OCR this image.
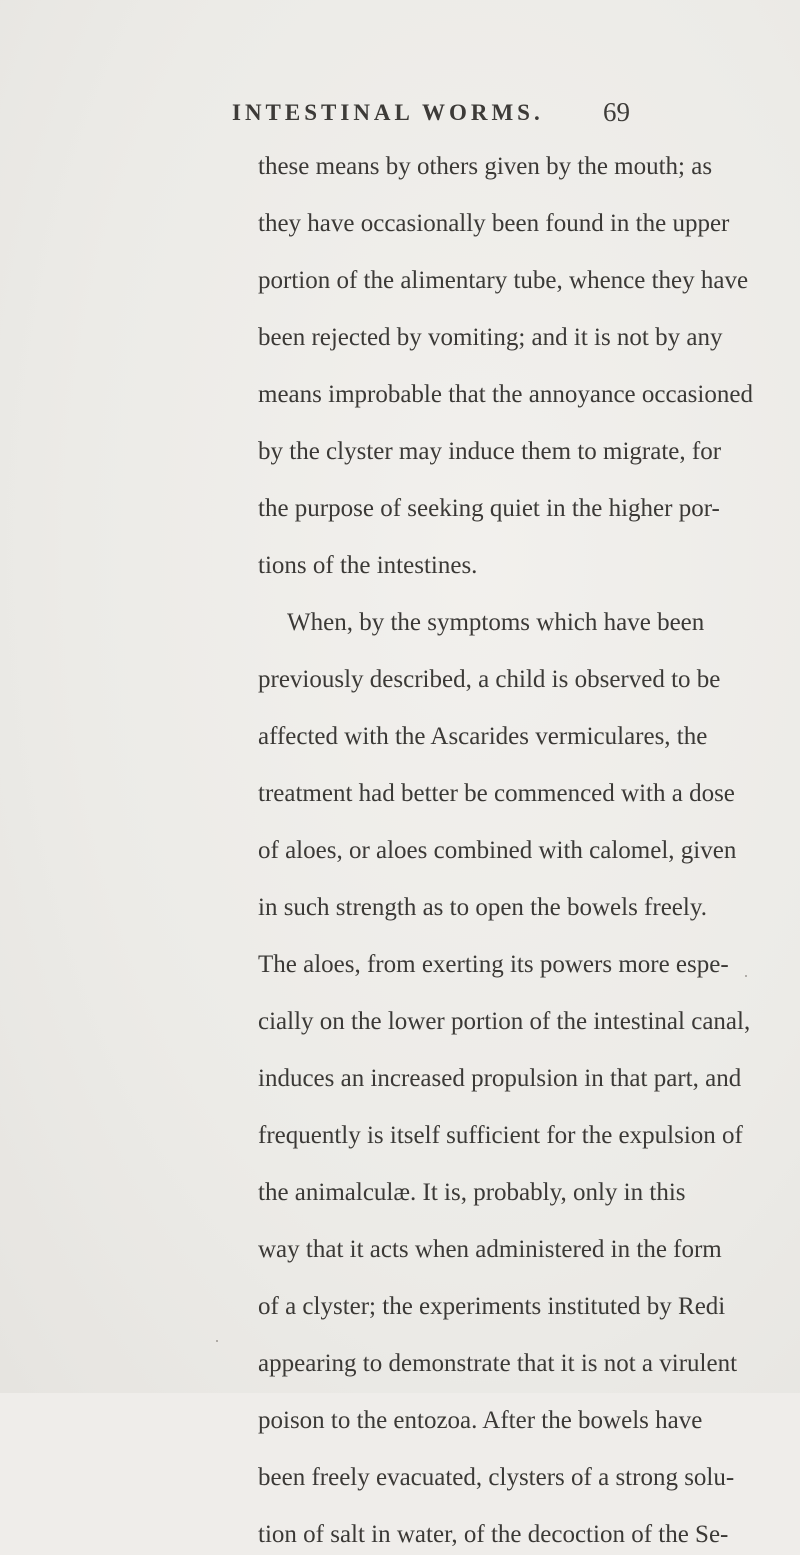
INTESTINAL WORMS. 69
these means by others given by the mouth; as
they have occasionally been found in the upper
portion of the alimentary tube, whence they have
been rejected by vomiting; and it is not by any
means improbable that the annoyance occasioned
by the clyster may induce them to migrate, for
the purpose of seeking quiet in the higher por-
tions of the intestines.
When, by the symptoms which have been
previously described, a child is observed to be
affected with the Ascarides vermiculares, the
treatment had better be commenced with a dose
of aloes, or aloes combined with calomel, given
in such strength as to open the bowels freely.
The aloes, from exerting its powers more espe-
cially on the lower portion of the intestinal canal,
induces an increased propulsion in that part, and
frequently is itself sufficient for the expulsion of
the animalculæ. It is, probably, only in this
way that it acts when administered in the form
of a clyster; the experiments instituted by Redi
appearing to demonstrate that it is not a virulent
poison to the entozoa. After the bowels have
been freely evacuated, clysters of a strong solu-
tion of salt in water, of the decoction of the Se-
